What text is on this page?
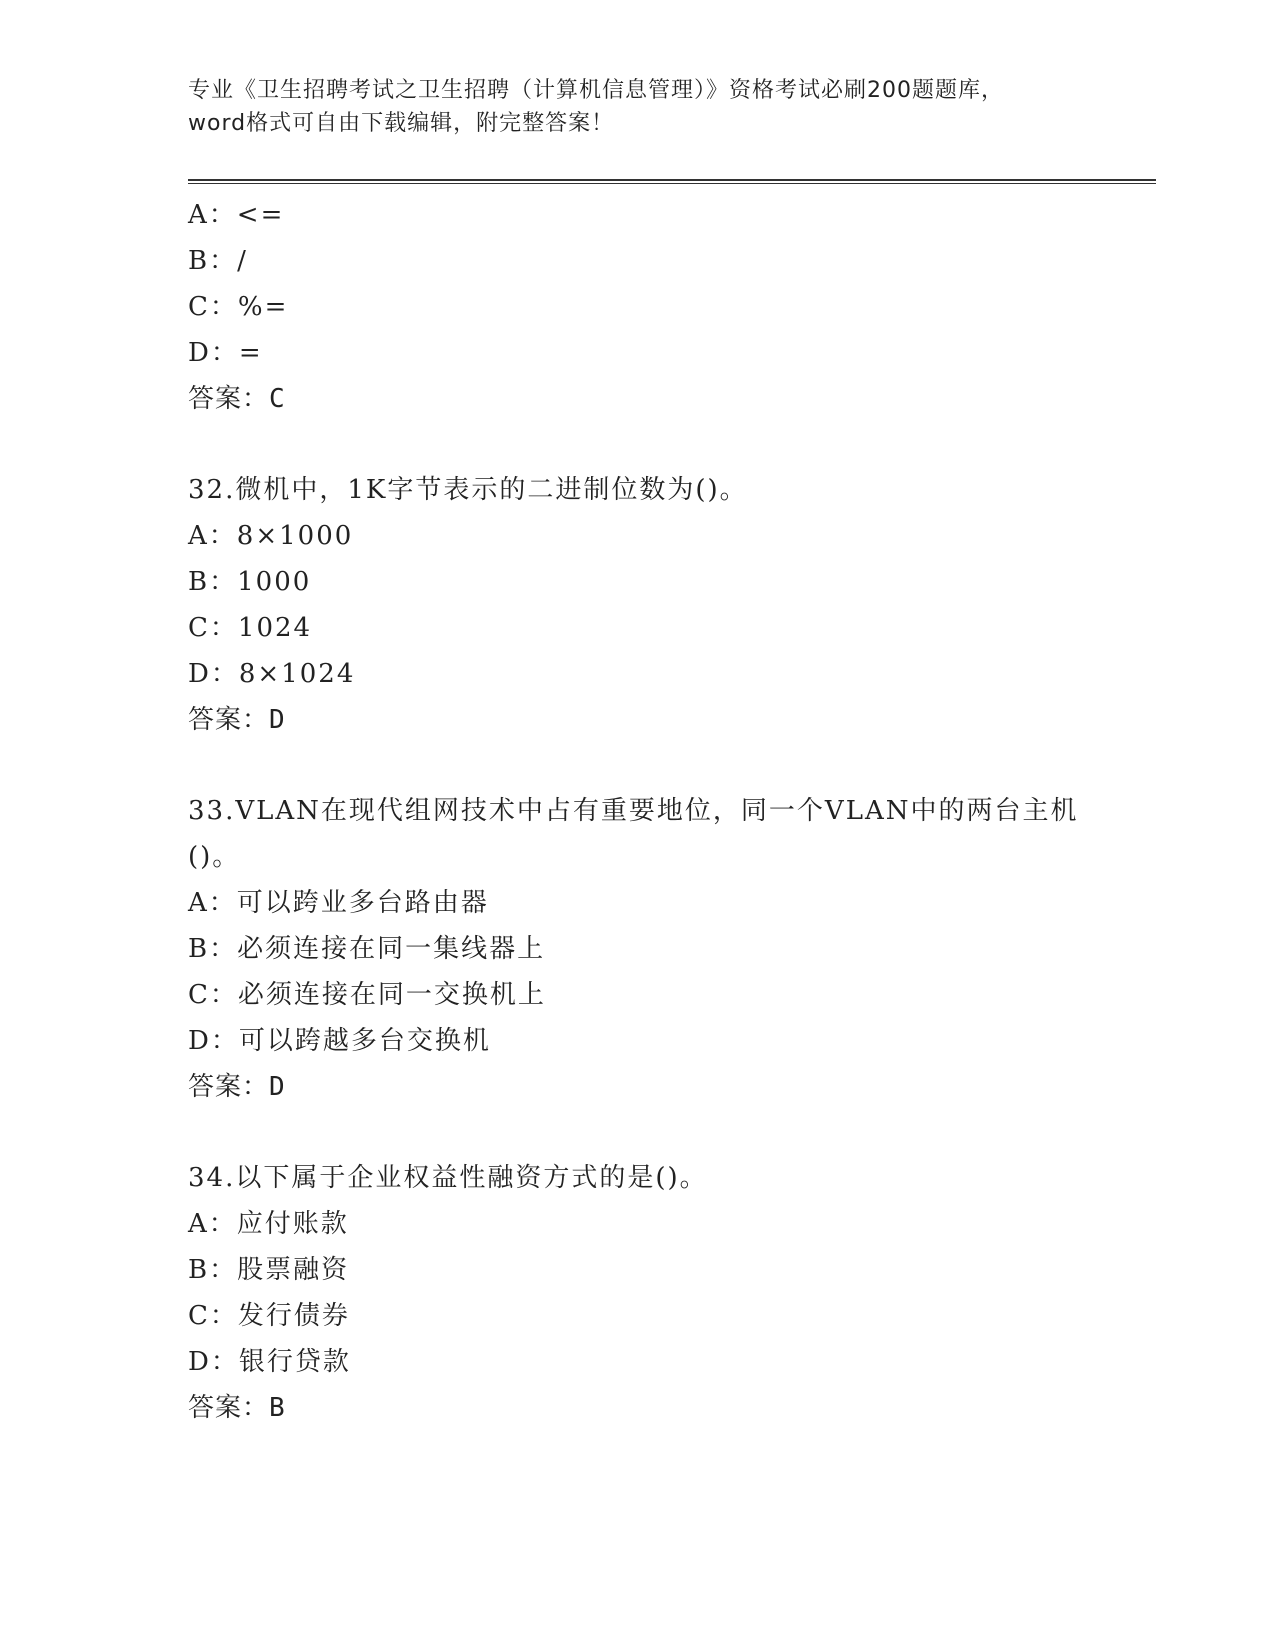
专业《卫生招聘考试之卫生招聘（计算机信息管理）》资格考试必刷200题题库，
word格式可自由下载编辑，附完整答案！
A：<=
B：/
C：%=
D：=
答案：C
32.微机中，1K字节表示的二进制位数为()。
A：8×1000
B：1000
C：1024
D：8×1024
答案：D
33.VLAN在现代组网技术中占有重要地位，同一个VLAN中的两台主机
()。
A：可以跨业多台路由器
B：必须连接在同一集线器上
C：必须连接在同一交换机上
D：可以跨越多台交换机
答案：D
34.以下属于企业权益性融资方式的是()。
A：应付账款
B：股票融资
C：发行债券
D：银行贷款
答案：B
